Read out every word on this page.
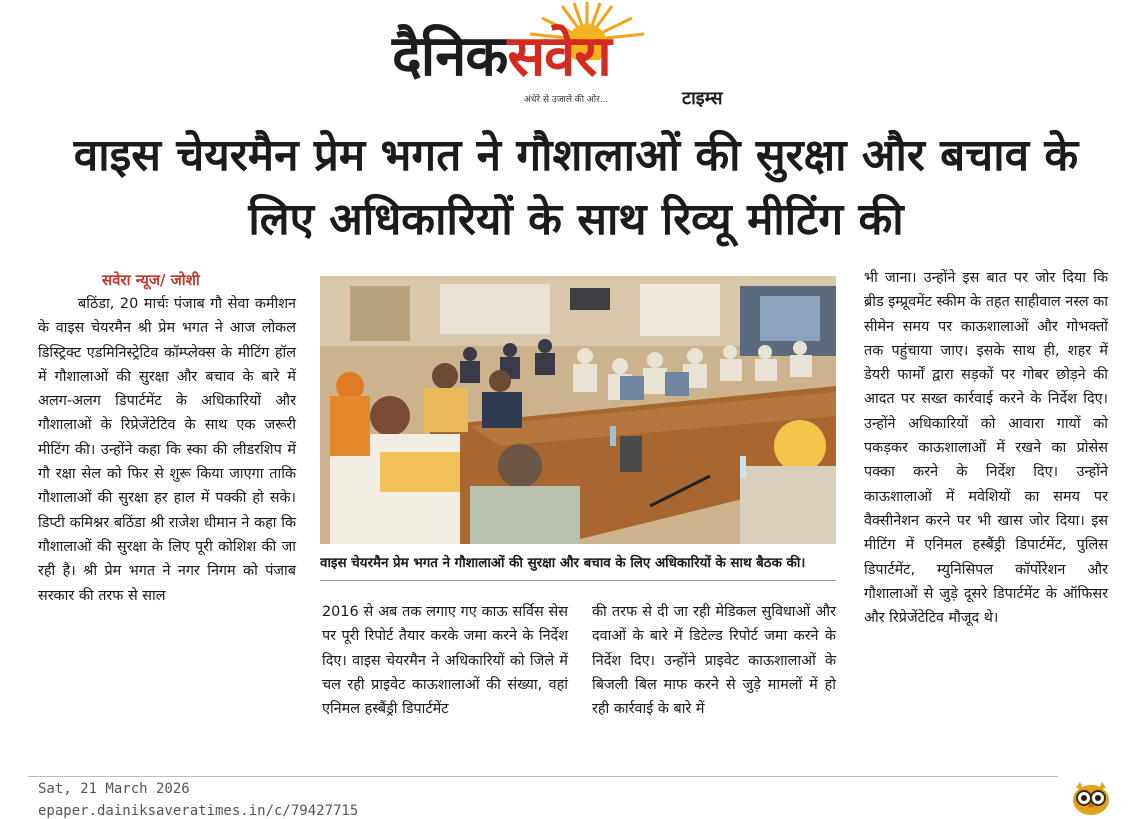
दैनिकसवेरा
अंधेरे से उजाले की ओर...	टाइम्स
वाइस चेयरमैन प्रेम भगत ने गौशालाओं की सुरक्षा और बचाव के लिए अधिकारियों के साथ रिव्यू मीटिंग की
सवेरा न्यूज/ जोशी

बठिंडा, 20 मार्चः पंजाब गौ सेवा कमीशन के वाइस चेयरमैन श्री प्रेम भगत ने आज लोकल डिस्ट्रिक्ट एडमिनिस्ट्रेटिव कॉम्प्लेक्स के मीटिंग हॉल में गौशालाओं की सुरक्षा और बचाव के बारे में अलग-अलग डिपार्टमेंट के अधिकारियों और गौशालाओं के रिप्रेजेंटेटिव के साथ एक जरूरी मीटिंग की। उन्होंने कहा कि स्का की लीडरशिप में गौ रक्षा सेल को फिर से शुरू किया जाएगा ताकि गौशालाओं की सुरक्षा हर हाल में पक्की हो सके। डिप्टी कमिश्नर बठिंडा श्री राजेश धीमान ने कहा कि गौशालाओं की सुरक्षा के लिए पूरी कोशिश की जा रही है। श्री प्रेम भगत ने नगर निगम को पंजाब सरकार की तरफ से साल

वाइस चेयरमैन प्रेम भगत ने गौशालाओं की सुरक्षा और बचाव के लिए अधिकारियों के साथ बैठक की।

2016 से अब तक लगाए गए काऊ सर्विस सेस पर पूरी रिपोर्ट तैयार करके जमा करने के निर्देश दिए। वाइस चेयरमैन ने अधिकारियों को जिले में चल रही प्राइवेट काऊशालाओं की संख्या, वहां एनिमल हस्बैंड्री डिपार्टमेंट

की तरफ से दी जा रही मेडिकल सुविधाओं और दवाओं के बारे में डिटेल्ड रिपोर्ट जमा करने के निर्देश दिए। उन्होंने प्राइवेट काऊशालाओं के बिजली बिल माफ करने से जुड़े मामलों में हो रही कार्रवाई के बारे में

भी जाना। उन्होंने इस बात पर जोर दिया कि ब्रीड इम्प्रूवमेंट स्कीम के तहत साहीवाल नस्ल का सीमेन समय पर काऊशालाओं और गोभक्तों तक पहुंचाया जाए। इसके साथ ही, शहर में डेयरी फार्मों द्वारा सड़कों पर गोबर छोड़ने की आदत पर सख्त कार्रवाई करने के निर्देश दिए। उन्होंने अधिकारियों को आवारा गायों को पकड़कर काऊशालाओं में रखने का प्रोसेस पक्का करने के निर्देश दिए। उन्होंने काऊशालाओं में मवेशियों का समय पर वैक्सीनेशन करने पर भी खास जोर दिया। इस मीटिंग में एनिमल हस्बैंड्री डिपार्टमेंट, पुलिस डिपार्टमेंट, म्युनिसिपल कॉर्पोरेशन और गौशालाओं से जुड़े दूसरे डिपार्टमेंट के ऑफिसर और रिप्रेजेंटेटिव मौजूद थे।

Sat, 21 March 2026
epaper.dainiksaveratimes.in/c/79427715
